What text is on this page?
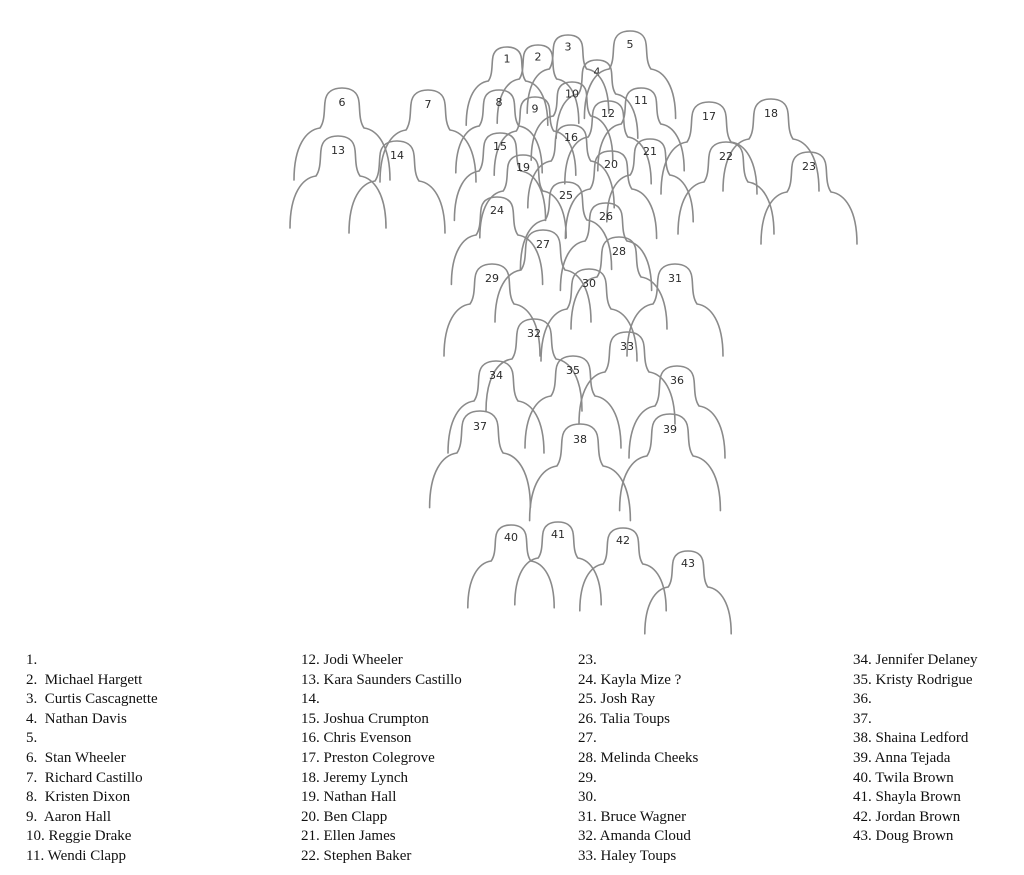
1 2
3
4
5
6	7	8	9
10
11
12
13	14
15
16
17	18
19	20
21	22
23
24
25
26
27
28
29	30	31
32
33
34	35
36
37
38
39
40	41	42
43
1.
2.  Michael Hargett
3.  Curtis Cascagnette
4.  Nathan Davis
5.
6.  Stan Wheeler
7.  Richard Castillo
8.  Kristen Dixon
9.  Aaron Hall
10. Reggie Drake
11. Wendi Clapp
12. Jodi Wheeler
13. Kara Saunders Castillo
14.
15. Joshua Crumpton
16. Chris Evenson
17. Preston Colegrove
18. Jeremy Lynch
19. Nathan Hall
20. Ben Clapp
21. Ellen James
22. Stephen Baker
23.
24. Kayla Mize ?
25. Josh Ray
26. Talia Toups
27.
28. Melinda Cheeks
29.
30.
31. Bruce Wagner
32. Amanda Cloud
33. Haley Toups
34. Jennifer Delaney
35. Kristy Rodrigue
36.
37.
38. Shaina Ledford
39. Anna Tejada
40. Twila Brown
41. Shayla Brown
42. Jordan Brown
43. Doug Brown
